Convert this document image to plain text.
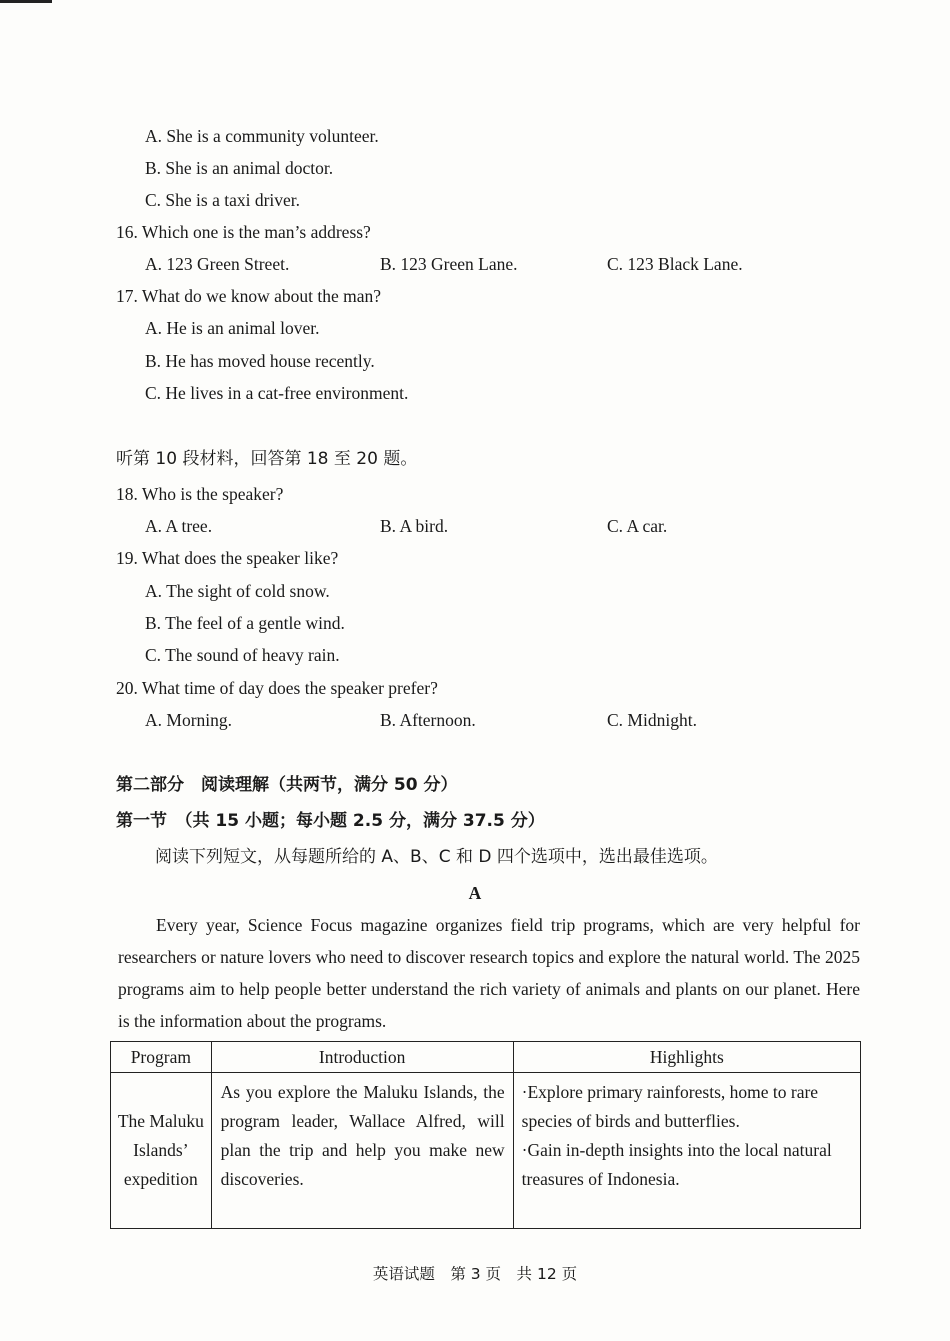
A. She is a community volunteer.
B. She is an animal doctor.
C. She is a taxi driver.
16. Which one is the man’s address?
A. 123 Green Street.	B. 123 Green Lane.	C. 123 Black Lane.
17. What do we know about the man?
A. He is an animal lover.
B. He has moved house recently.
C. He lives in a cat-free environment.
听第 10 段材料，回答第 18 至 20 题。
18. Who is the speaker?
A. A tree.	B. A bird.	C. A car.
19. What does the speaker like?
A. The sight of cold snow.
B. The feel of a gentle wind.
C. The sound of heavy rain.
20. What time of day does the speaker prefer?
A. Morning.	B. Afternoon.	C. Midnight.
第二部分　阅读理解（共两节，满分 50 分）
第一节　（共 15 小题；每小题 2.5 分，满分 37.5 分）
阅读下列短文，从每题所给的 A、B、C 和 D 四个选项中，选出最佳选项。
A
Every year, Science Focus magazine organizes field trip programs, which are very helpful for researchers or nature lovers who need to discover research topics and explore the natural world. The 2025 programs aim to help people better understand the rich variety of animals and plants on our planet. Here is the information about the programs.
Program	Introduction	Highlights
The Maluku Islands’ expedition	As you explore the Maluku Islands, the program leader, Wallace Alfred, will plan the trip and help you make new discoveries.	·Explore primary rainforests, home to rare species of birds and butterflies.
·Gain in-depth insights into the local natural treasures of Indonesia.
英语试题　第 3 页　共 12 页
